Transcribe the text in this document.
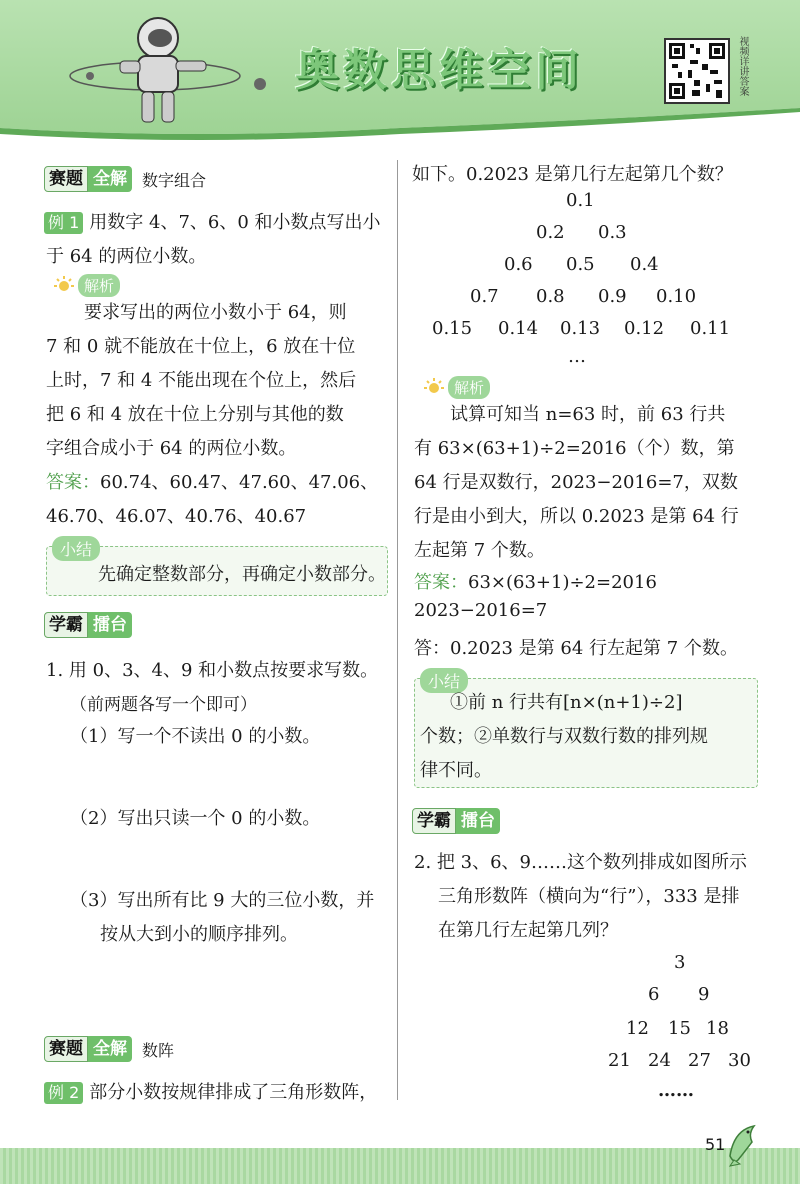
奥数思维空间	视频详讲答案
赛题 全解 数字组合
例 1 用数字 4、7、6、0 和小数点写出小
于 64 的两位小数。
解析
要求写出的两位小数小于 64，则
7 和 0 就不能放在十位上，6 放在十位
上时，7 和 4 不能出现在个位上，然后
把 6 和 4 放在十位上分别与其他的数
字组合成小于 64 的两位小数。
答案：60.74、60.47、47.60、47.06、
46.70、46.07、40.76、40.67
小结
先确定整数部分，再确定小数部分。
学霸 擂台
1. 用 0、3、4、9 和小数点按要求写数。
（前两题各写一个即可）
（1）写一个不读出 0 的小数。
（2）写出只读一个 0 的小数。
（3）写出所有比 9 大的三位小数，并
按从大到小的顺序排列。
赛题 全解 数阵
例 2 部分小数按规律排成了三角形数阵，
如下。0.2023 是第几行左起第几个数？
0.1
0.2 0.3
0.6 0.5 0.4
0.7 0.8 0.9 0.10
0.15 0.14 0.13 0.12 0.11
…
解析
试算可知当 n=63 时，前 63 行共
有 63×(63+1)÷2=2016（个）数，第
64 行是双数行，2023−2016=7，双数
行是由小到大，所以 0.2023 是第 64 行
左起第 7 个数。
答案：63×(63+1)÷2=2016
2023−2016=7
答：0.2023 是第 64 行左起第 7 个数。
小结
①前 n 行共有[n×(n+1)÷2]
个数；②单数行与双数行数的排列规
律不同。
学霸 擂台
2. 把 3、6、9……这个数列排成如图所示
三角形数阵（横向为“行”），333 是排
在第几行左起第几列？
3
6 9
12 15 18
21 24 27 30
……
51
